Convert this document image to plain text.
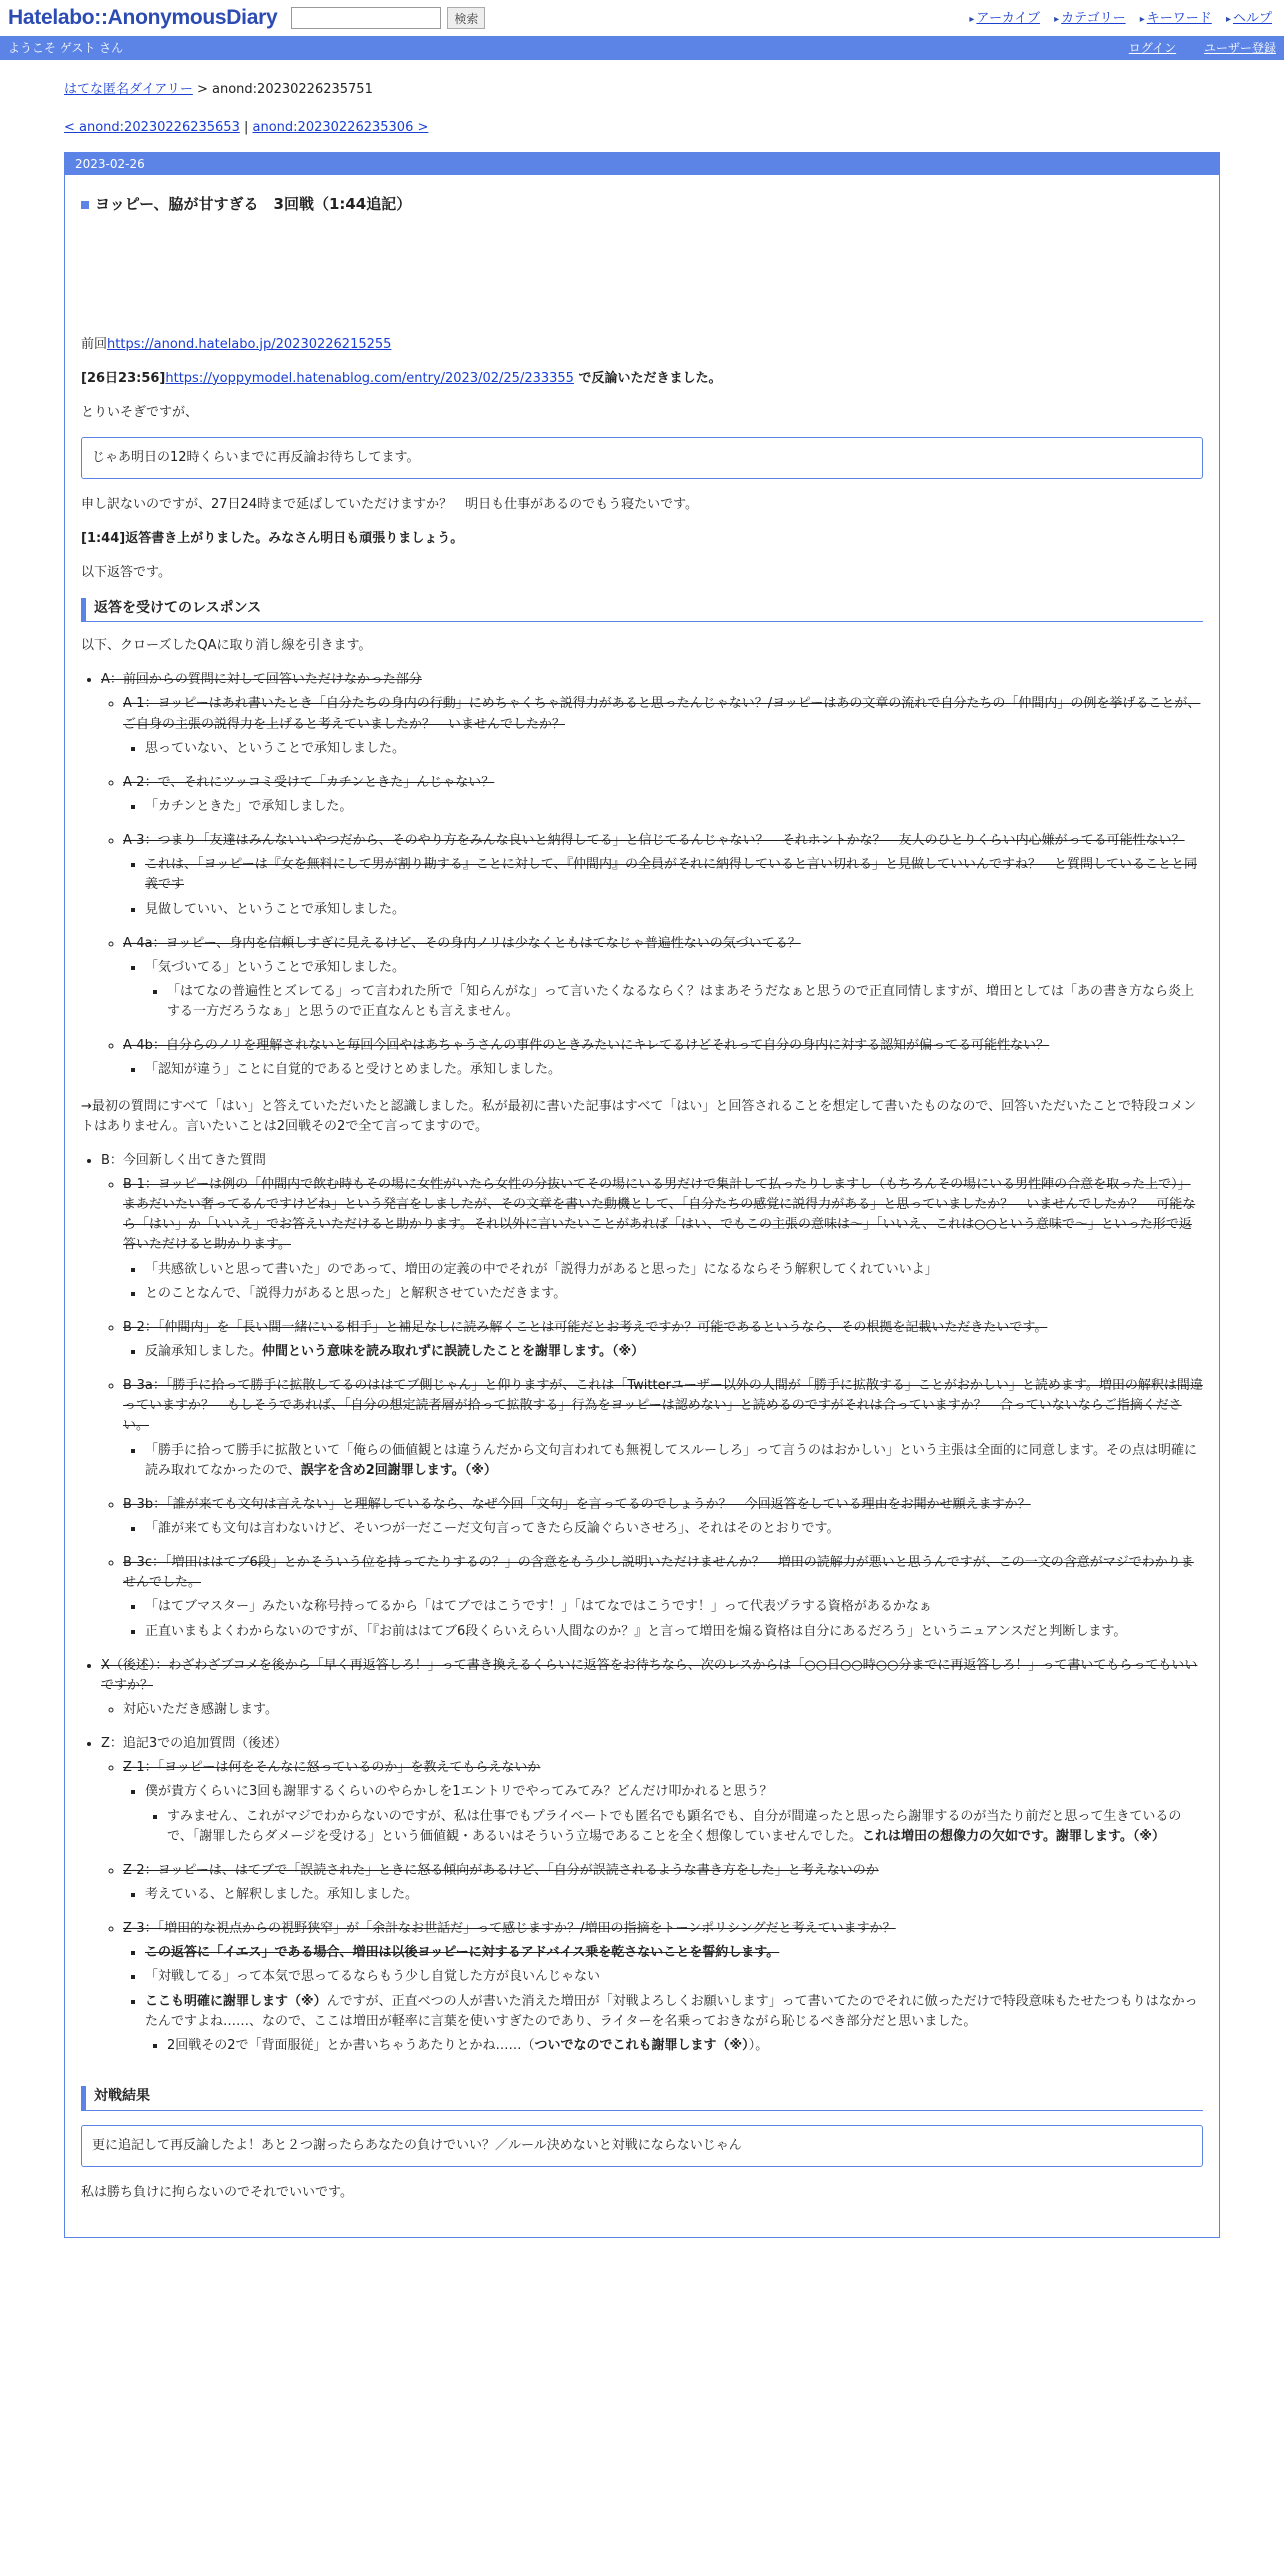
Hatelabo::AnonymousDiary	検索	▸ アーカイブ ▸ カテゴリー ▸ キーワード ▸ ヘルプ
ようこそ ゲスト さん	ログイン ユーザー登録
はてな匿名ダイアリー > anond:20230226235751
< anond:20230226235653 | anond:20230226235306 >
2023-02-26
ヨッピー、脇が甘すぎる　3回戦（1:44追記）

前回https://anond.hatelabo.jp/20230226215255

[26日23:56]https://yoppymodel.hatenablog.com/entry/2023/02/25/233355 で反論いただきました。

とりいそぎですが、

じゃあ明日の12時くらいまでに再反論お待ちしてます。

申し訳ないのですが、27日24時まで延ばしていただけますか？　明日も仕事があるのでもう寝たいです。

[1:44]返答書き上がりました。みなさん明日も頑張りましょう。

以下返答です。

返答を受けてのレスポンス

以下、クローズしたQAに取り消し線を引きます。

• A：前回からの質問に対して回答いただけなかった部分
◦ A-1：ヨッピーはあれ書いたとき「自分たちの身内の行動」にめちゃくちゃ説得力があると思ったんじゃない？/ヨッピーはあの文章の流れで自分たちの「仲間内」の例を挙げることが、ご自身の主張の説得力を上げると考えていましたか？　いませんでしたか？
▪ 思っていない、ということで承知しました。
◦ A-2：で、それにツッコミ受けて「カチンときた」んじゃない？
▪ 「カチンときた」で承知しました。
◦ A-3：つまり「友達はみんないいやつだから、そのやり方をみんな良いと納得してる」と信じてるんじゃない？　それホントかな？　友人のひとりくらい内心嫌がってる可能性ない？
▪ これは、「ヨッピーは『女を無料にして男が割り勘する』ことに対して、『仲間内』の全員がそれに納得していると言い切れる」と見做していいんですね？　と質問していることと同義です
▪ 見做していい、ということで承知しました。
◦ A-4a：ヨッピー、身内を信頼しすぎに見えるけど、その身内ノリは少なくともはてなじゃ普遍性ないの気づいてる？
▪ 「気づいてる」ということで承知しました。
▪ 「はてなの普遍性とズレてる」って言われた所で「知らんがな」って言いたくなるならく？はまあそうだなぁと思うので正直同情しますが、増田としては「あの書き方なら炎上する一方だろうなぁ」と思うので正直なんとも言えません。
◦ A-4b：自分らのノリを理解されないと毎回今回やはあちゃうさんの事件のときみたいにキレてるけどそれって自分の身内に対する認知が偏ってる可能性ない？
▪ 「認知が違う」ことに自覚的であると受けとめました。承知しました。

→最初の質問にすべて「はい」と答えていただいたと認識しました。私が最初に書いた記事はすべて「はい」と回答されることを想定して書いたものなので、回答いただいたことで特段コメントはありません。言いたいことは2回戦その2で全て言ってますので。

• B：今回新しく出てきた質問
◦ B-1：ヨッピーは例の「仲間内で飲む時もその場に女性がいたら女性の分抜いてその場にいる男だけで集計して払ったりしますし（もちろんその場にいる男性陣の合意を取った上で）」まあだいたい奢ってるんですけどね」という発言をしましたが、その文章を書いた動機として、「自分たちの感覚に説得力がある」と思っていましたか？　いませんでしたか？　可能なら「はい」か「いいえ」でお答えいただけると助かります。それ以外に言いたいことがあれば「はい、でもこの主張の意味は～」「いいえ、これは○○という意味で～」といった形で返答いただけると助かります。
▪ 「共感欲しいと思って書いた」のであって、増田の定義の中でそれが「説得力があると思った」になるならそう解釈してくれていいよ」
▪ とのことなんで、「説得力があると思った」と解釈させていただきます。
◦ B-2：「仲間内」を「長い間一緒にいる相手」と補足なしに読み解くことは可能だとお考えですか？可能であるというなら、その根拠を記載いただきたいです。
▪ 反論承知しました。仲間という意味を読み取れずに誤読したことを謝罪します。（※）
◦ B-3a：「勝手に拾って勝手に拡散してるのははてブ側じゃん」と仰りますが、これは「Twitterユーザー以外の人間が「勝手に拡散する」ことがおかしい」と読めます。増田の解釈は間違っていますか？　もしそうであれば、「自分の想定読者層が拾って拡散する」行為をヨッピーは認めない」と読めるのですがそれは合っていますか？　合っていないならご指摘ください。
▪ 「勝手に拾って勝手に拡散といて「俺らの価値観とは違うんだから文句言われても無視してスルーしろ」って言うのはおかしい」という主張は全面的に同意します。その点は明確に読み取れてなかったので、誤字を含め2回謝罪します。（※）
◦ B-3b：「誰が来ても文句は言えない」と理解しているなら、なぜ今回「文句」を言ってるのでしょうか？　今回返答をしている理由をお聞かせ願えますか？
▪ 「誰が来ても文句は言わないけど、そいつが一だこーだ文句言ってきたら反論ぐらいさせろ」、それはそのとおりです。
◦ B-3c：「増田ははてブ6段」とかそういう位を持ってたりするの？」の含意をもう少し説明いただけませんか？　増田の読解力が悪いと思うんですが、この一文の含意がマジでわかりませんでした。
▪ 「はてブマスター」みたいな称号持ってるから「はてブではこうです！」「はてなではこうです！」って代表ヅラする資格があるかなぁ
▪ 正直いまもよくわからないのですが、「『お前ははてブ6段くらいえらい人間なのか？』と言って増田を煽る資格は自分にあるだろう」というニュアンスだと判断します。
• X（後述）：わざわざブコメを後から「早く再返答しろ！」って書き換えるくらいに返答をお待ちなら、次のレスからは「○○日○○時○○分までに再返答しろ！」って書いてもらってもいいですか？
◦ 対応いただき感謝します。
• Z：追記3での追加質問（後述）
◦ Z-1：「ヨッピーは何をそんなに怒っているのか」を教えてもらえないか
▪ 僕が貴方くらいに3回も謝罪するくらいのやらかしを1エントリでやってみてみ？どんだけ叩かれると思う？
▪ すみません、これがマジでわからないのですが、私は仕事でもプライベートでも匿名でも顕名でも、自分が間違ったと思ったら謝罪するのが当たり前だと思って生きているので、「謝罪したらダメージを受ける」という価値観・あるいはそういう立場であることを全く想像していませんでした。これは増田の想像力の欠如です。謝罪します。（※）
◦ Z-2：ヨッピーは、はてブで「誤読された」ときに怒る傾向があるけど、「自分が誤読されるような書き方をした」と考えないのか
▪ 考えている、と解釈しました。承知しました。
◦ Z-3：「増田的な視点からの視野狭窄」が「余計なお世話だ」って感じますか？/増田の指摘をトーンポリシングだと考えていますか？
▪ この返答に「イエス」である場合、増田は以後ヨッピーに対するアドバイス乗を乾さないことを誓約します。
▪ 「対戦してる」って本気で思ってるならもう少し自覚した方が良いんじゃない
▪ ここも明確に謝罪します（※）んですが、正直ベつの人が書いた消えた増田が「対戦よろしくお願いします」って書いてたのでそれに倣っただけで特段意味もたせたつもりはなかったんですよね……、なので、ここは増田が軽率に言葉を使いすぎたのであり、ライターを名乗っておきながら恥じるべき部分だと思いました。
▪ 2回戦その2で「背面服従」とか書いちゃうあたりとかね……（ついでなのでこれも謝罪します（※））。
対戦結果
更に追記して再反論したよ！あと２つ謝ったらあなたの負けでいい？／ルール決めないと対戦にならないじゃん

私は勝ち負けに拘らないのでそれでいいです。
